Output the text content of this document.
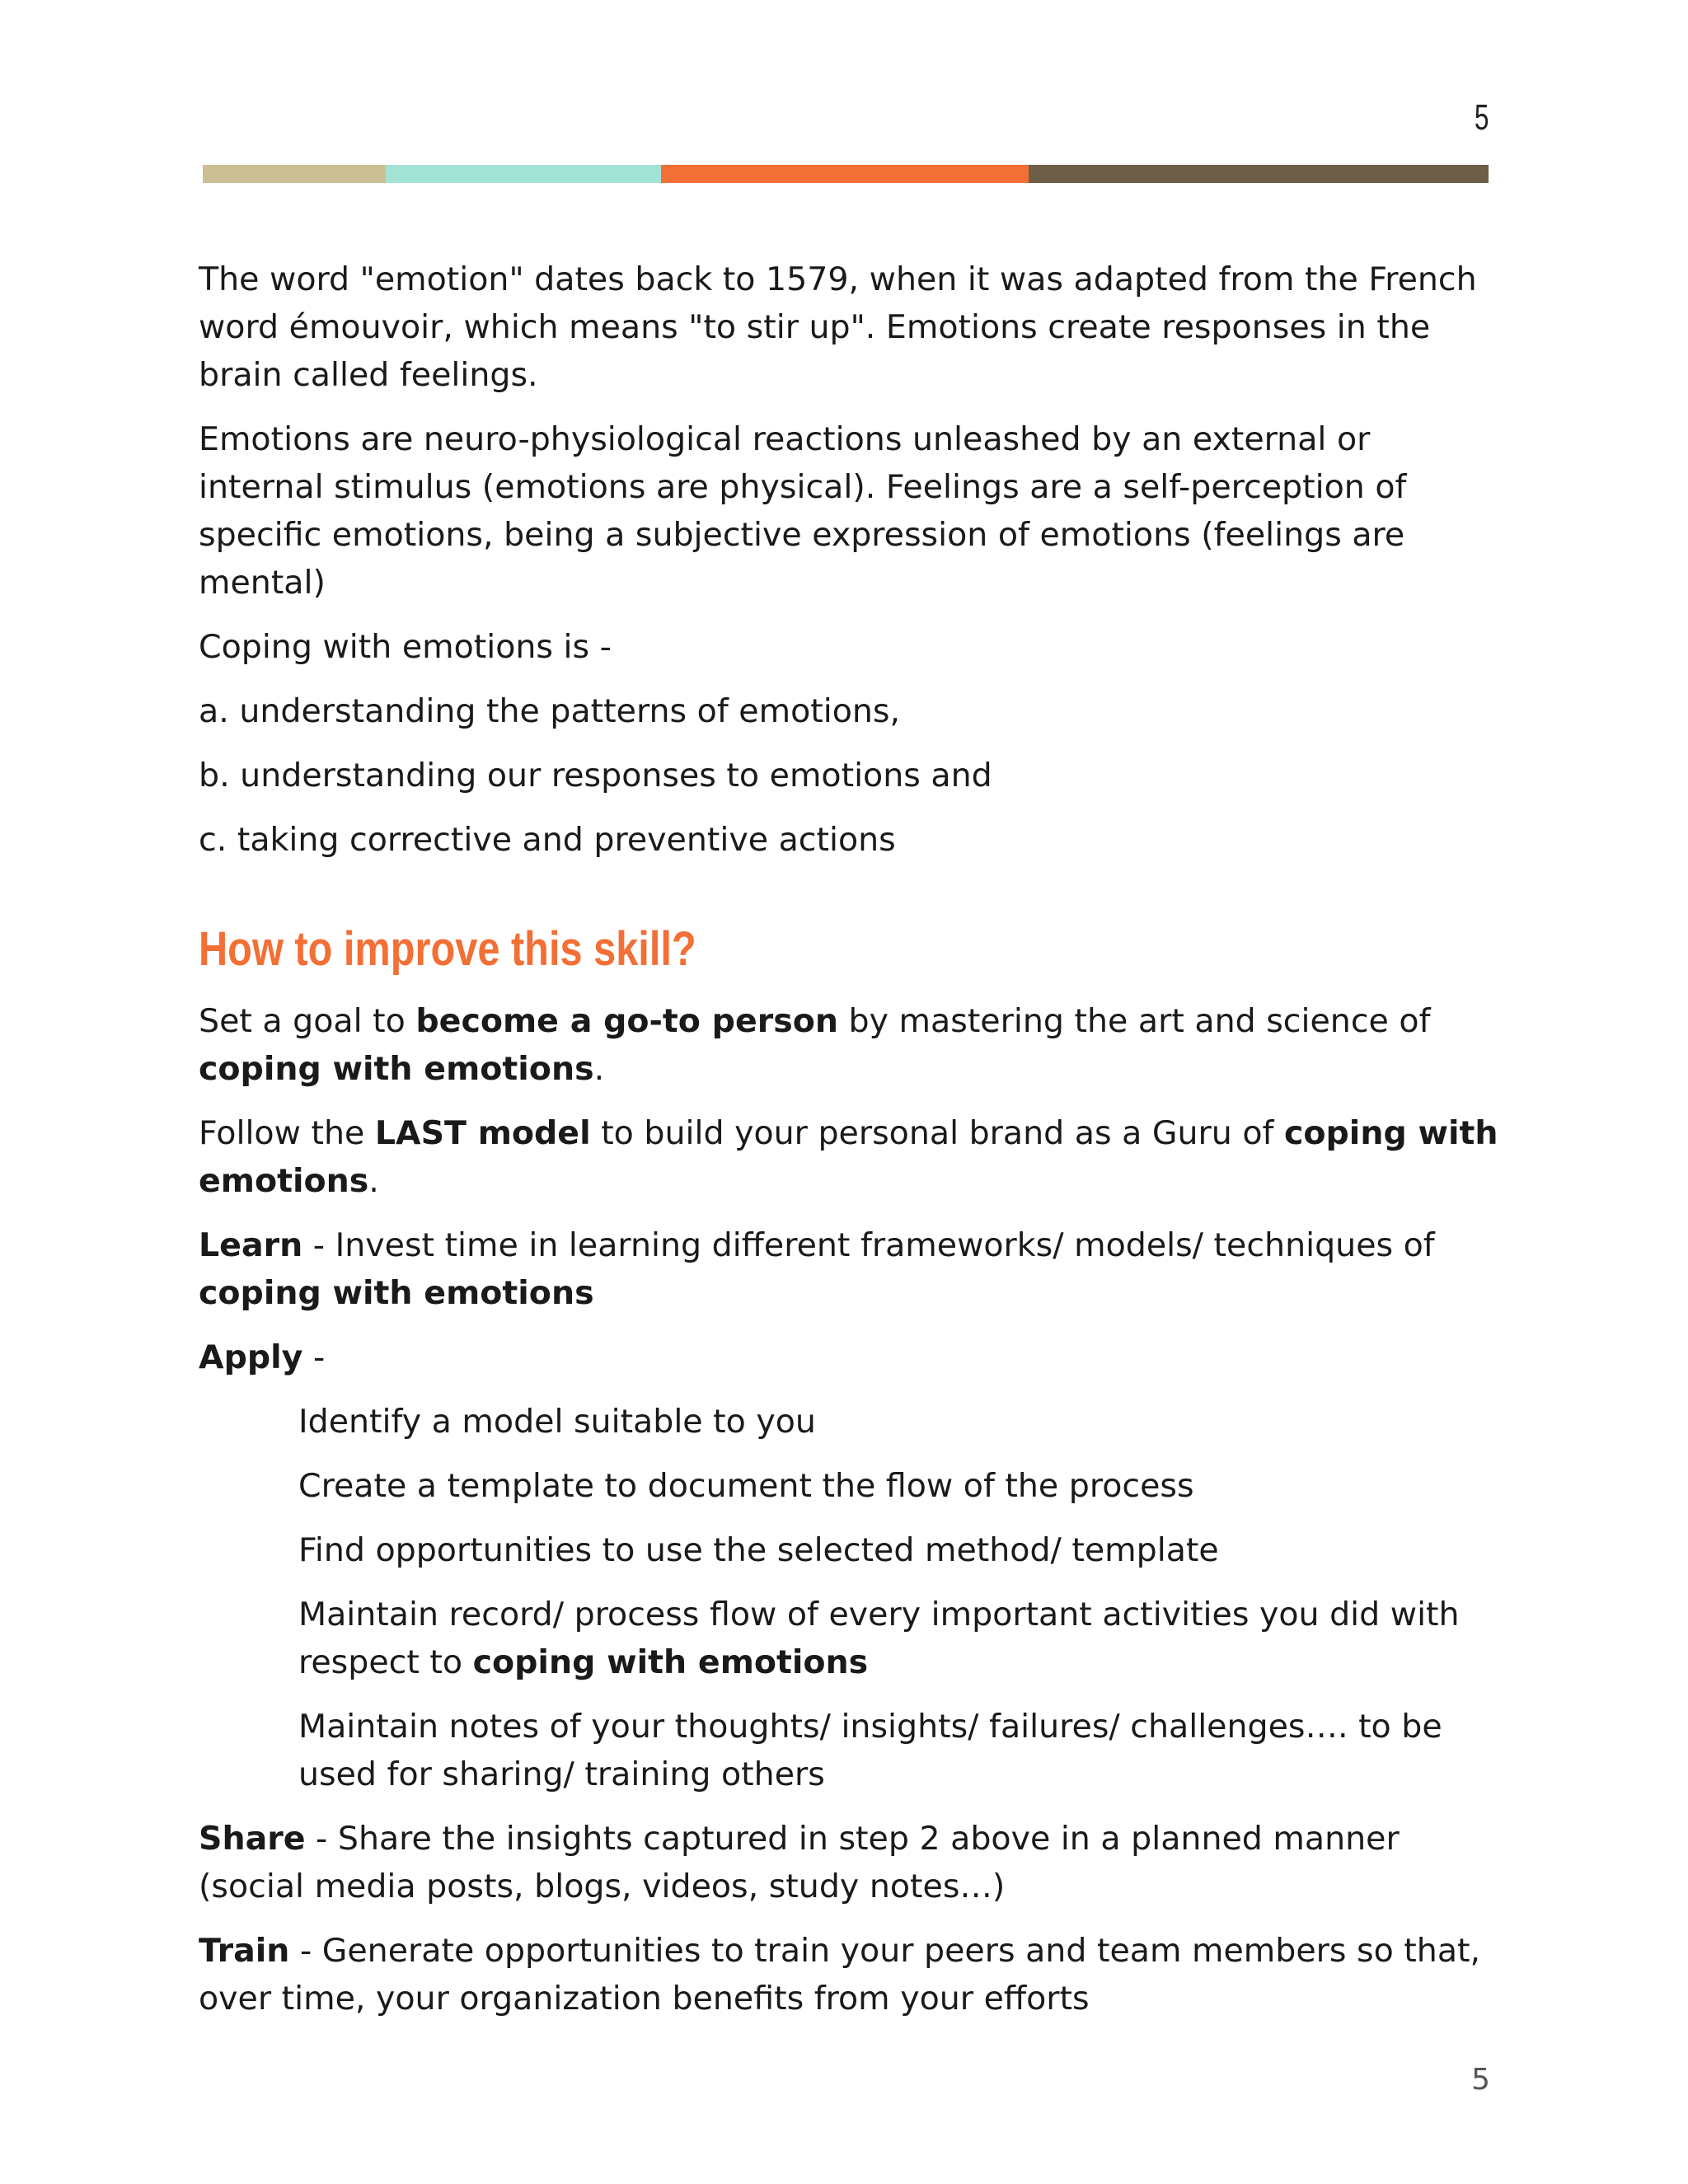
5

The word "emotion" dates back to 1579, when it was adapted from the French word émouvoir, which means "to stir up". Emotions create responses in the brain called feelings.

Emotions are neuro-physiological reactions unleashed by an external or internal stimulus (emotions are physical). Feelings are a self-perception of specific emotions, being a subjective expression of emotions (feelings are mental)

Coping with emotions is -

a. understanding the patterns of emotions,

b. understanding our responses to emotions and

c. taking corrective and preventive actions

How to improve this skill?

Set a goal to become a go-to person by mastering the art and science of coping with emotions.

Follow the LAST model to build your personal brand as a Guru of coping with emotions.

Learn - Invest time in learning different frameworks/ models/ techniques of coping with emotions

Apply -

Identify a model suitable to you

Create a template to document the flow of the process

Find opportunities to use the selected method/ template

Maintain record/ process flow of every important activities you did with respect to coping with emotions

Maintain notes of your thoughts/ insights/ failures/ challenges…. to be used for sharing/ training others

Share - Share the insights captured in step 2 above in a planned manner (social media posts, blogs, videos, study notes…)

Train - Generate opportunities to train your peers and team members so that, over time, your organization benefits from your efforts

5
